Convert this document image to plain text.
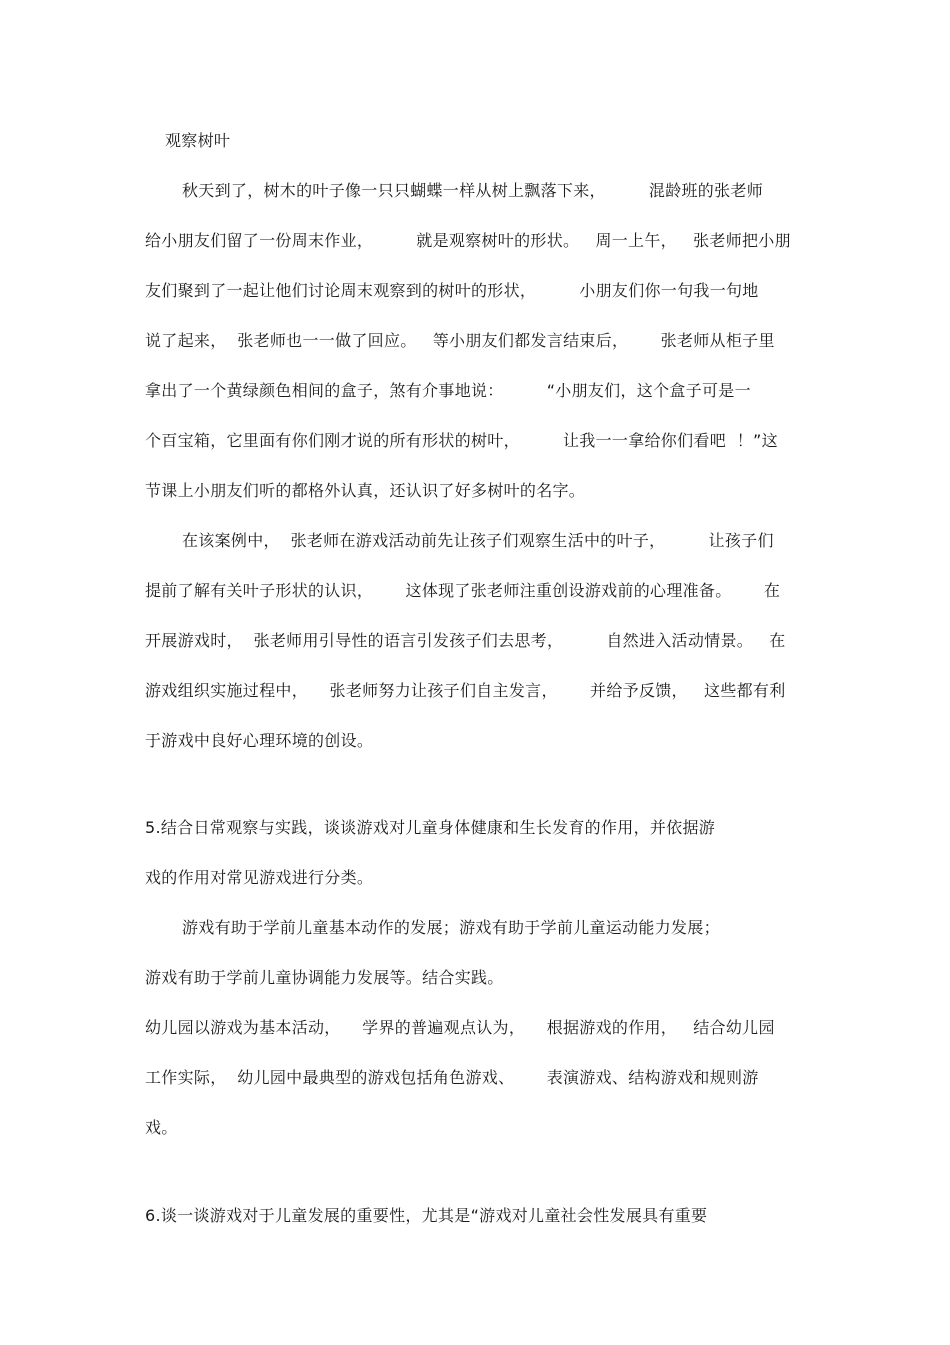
观察树叶
秋天到了，树木的叶子像一只只蝴蝶一样从树上飘落下来，        混龄班的张老师
给小朋友们留了一份周末作业，        就是观察树叶的形状。   周一上午，   张老师把小朋
友们聚到了一起让他们讨论周末观察到的树叶的形状，        小朋友们你一句我一句地
说了起来，  张老师也一一做了回应。   等小朋友们都发言结束后，      张老师从柜子里
拿出了一个黄绿颜色相间的盒子，煞有介事地说：        “小朋友们，这个盒子可是一
个百宝箱，它里面有你们刚才说的所有形状的树叶，        让我一一拿给你们看吧  ！”这
节课上小朋友们听的都格外认真，还认识了好多树叶的名字。
在该案例中，  张老师在游戏活动前先让孩子们观察生活中的叶子，        让孩子们
提前了解有关叶子形状的认识，      这体现了张老师注重创设游戏前的心理准备。      在
开展游戏时，  张老师用引导性的语言引发孩子们去思考，        自然进入活动情景。   在
游戏组织实施过程中，    张老师努力让孩子们自主发言，      并给予反馈，   这些都有利
于游戏中良好心理环境的创设。
5.结合日常观察与实践，谈谈游戏对儿童身体健康和生长发育的作用，并依据游
戏的作用对常见游戏进行分类。
游戏有助于学前儿童基本动作的发展；游戏有助于学前儿童运动能力发展；
游戏有助于学前儿童协调能力发展等。结合实践。
幼儿园以游戏为基本活动，    学界的普遍观点认为，    根据游戏的作用，   结合幼儿园
工作实际，  幼儿园中最典型的游戏包括角色游戏、      表演游戏、结构游戏和规则游
戏。
6.谈一谈游戏对于儿童发展的重要性，尤其是“游戏对儿童社会性发展具有重要
